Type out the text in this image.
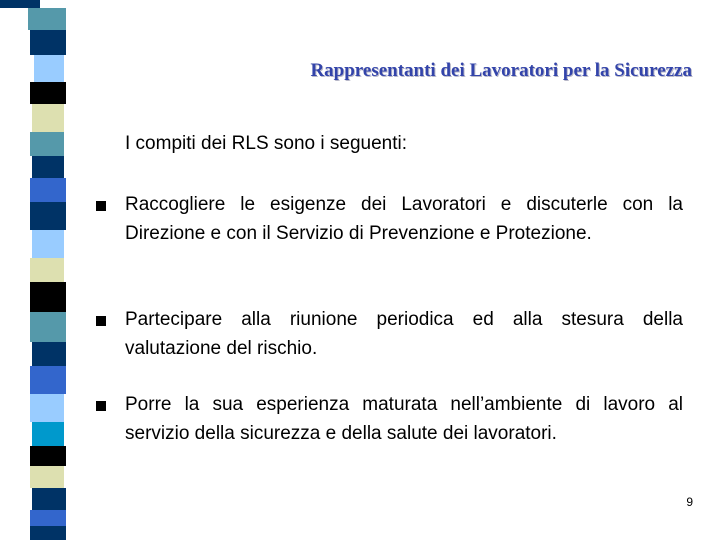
Rappresentanti dei Lavoratori per la Sicurezza
I compiti dei RLS sono i seguenti:
Raccogliere le esigenze dei Lavoratori e discuterle con la Direzione e con il Servizio di Prevenzione e Protezione.
Partecipare alla riunione periodica ed alla stesura della valutazione del rischio.
Porre la sua esperienza maturata nell’ambiente di lavoro al servizio della sicurezza e della salute dei lavoratori.
9
